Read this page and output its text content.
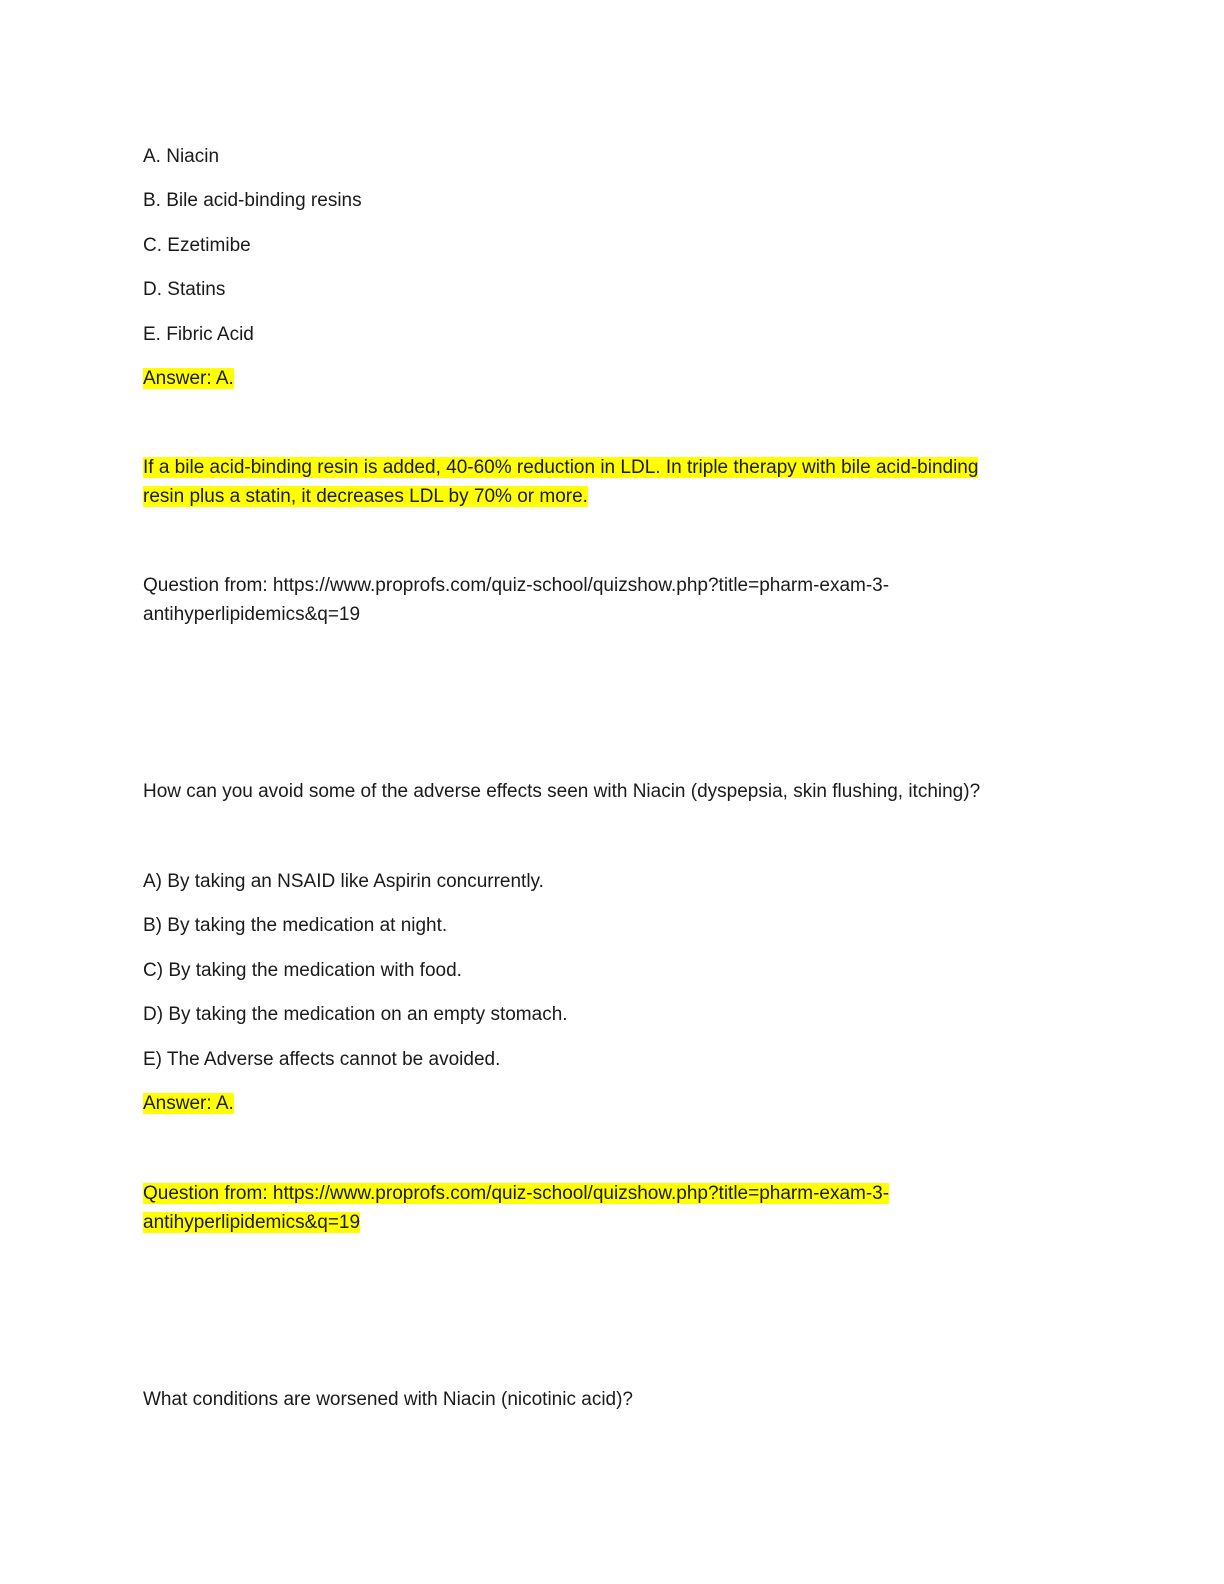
A. Niacin

B. Bile acid-binding resins

C. Ezetimibe

D. Statins

E. Fibric Acid

Answer: A.

If a bile acid-binding resin is added, 40-60% reduction in LDL. In triple therapy with bile acid-binding

resin plus a statin, it decreases LDL by 70% or more.

Question from: https://www.proprofs.com/quiz-school/quizshow.php?title=pharm-exam-3-

antihyperlipidemics&q=19

How can you avoid some of the adverse effects seen with Niacin (dyspepsia, skin flushing, itching)?

A) By taking an NSAID like Aspirin concurrently.

B) By taking the medication at night.

C) By taking the medication with food.

D) By taking the medication on an empty stomach.

E) The Adverse affects cannot be avoided.

Answer: A.

Question from: https://www.proprofs.com/quiz-school/quizshow.php?title=pharm-exam-3-

antihyperlipidemics&q=19

What conditions are worsened with Niacin (nicotinic acid)?
